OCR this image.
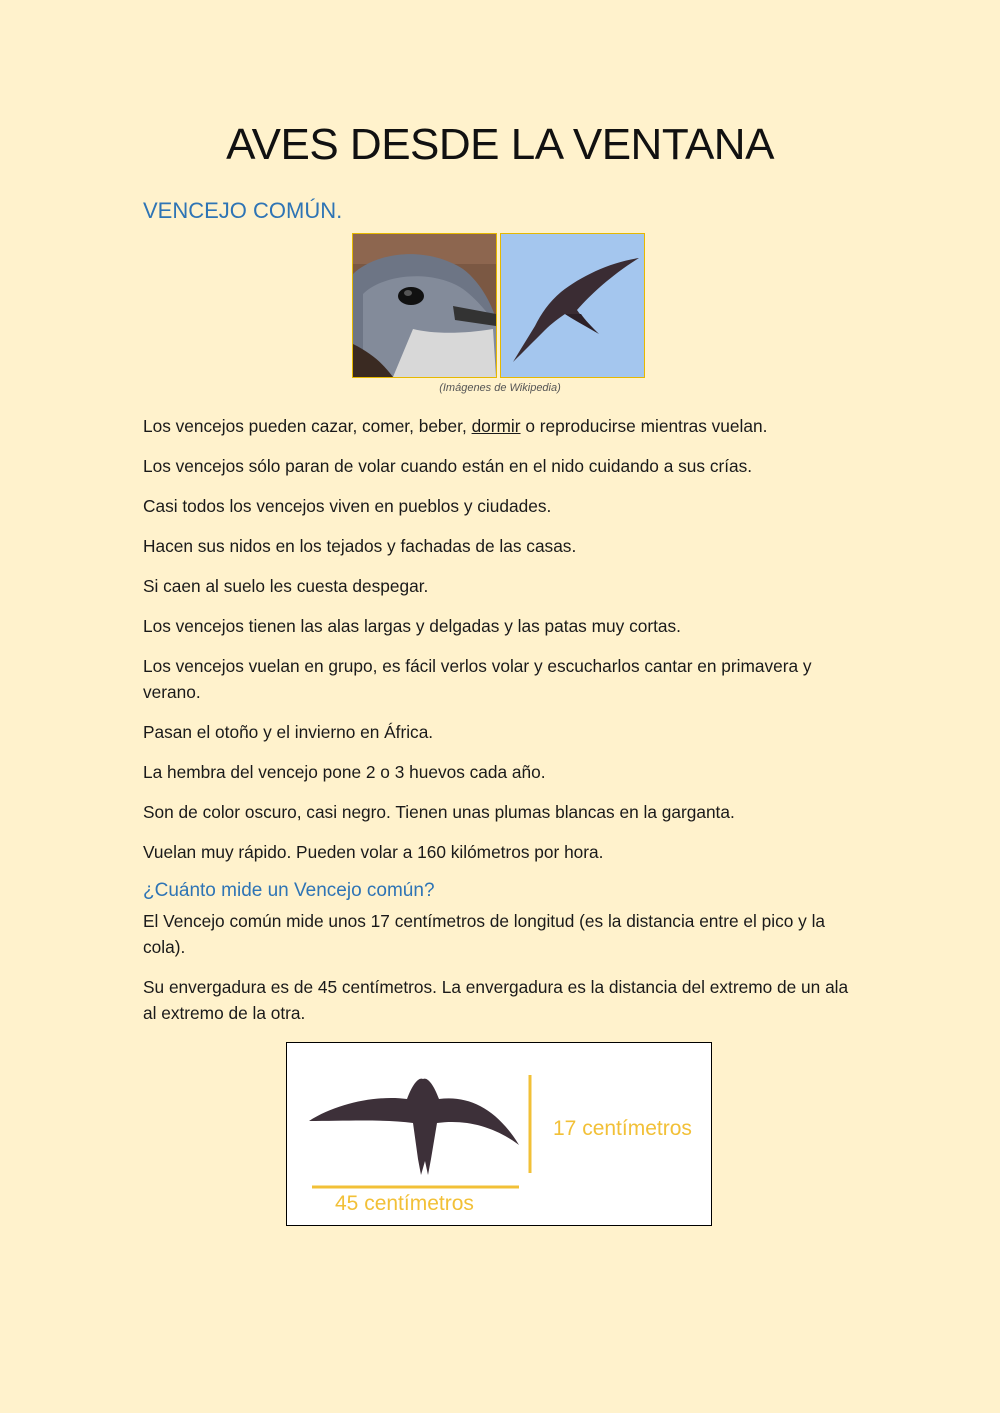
AVES DESDE LA VENTANA
VENCEJO COMÚN.
(Imágenes de Wikipedia)
Los vencejos pueden cazar, comer, beber, dormir o reproducirse mientras vuelan.
Los vencejos sólo paran de volar cuando están en el nido cuidando a sus crías.
Casi todos los vencejos viven en pueblos y ciudades.
Hacen sus nidos en los tejados y fachadas de las casas.
Si caen al suelo les cuesta despegar.
Los vencejos tienen las alas largas y delgadas y las patas muy cortas.
Los vencejos vuelan en grupo, es fácil verlos volar y escucharlos cantar en primavera y verano.
Pasan el otoño y el invierno en África.
La hembra del vencejo pone 2 o 3 huevos cada año.
Son de color oscuro, casi negro. Tienen unas plumas blancas en la garganta.
Vuelan muy rápido. Pueden volar a 160 kilómetros por hora.
¿Cuánto mide un Vencejo común?
El Vencejo común mide unos 17 centímetros de longitud (es la distancia entre el pico y la cola).
Su envergadura es de 45 centímetros. La envergadura es la distancia del extremo de un ala al extremo de la otra.
17 centímetros
45 centímetros
